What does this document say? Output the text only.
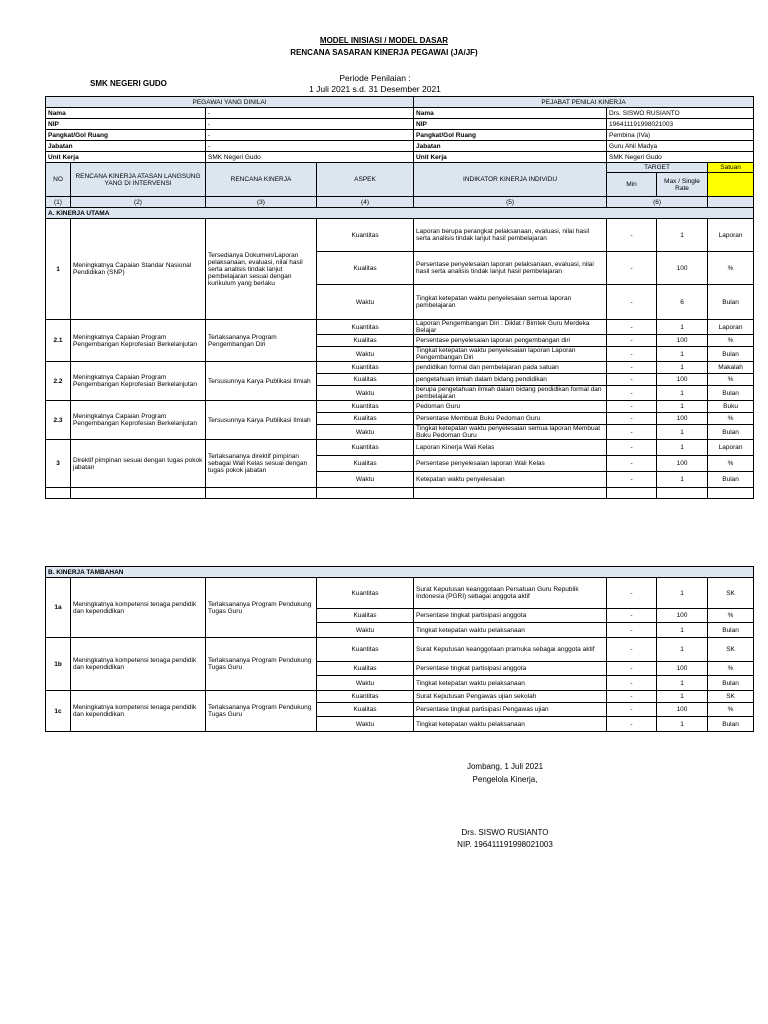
MODEL INISIASI / MODEL DASAR
RENCANA SASARAN KINERJA PEGAWAI (JA/JF)
SMK NEGERI GUDO
Periode Penilaian :
1 Juli 2021 s.d. 31 Desember 2021
PEGAWAI YANG DINILAI				PEJABAT PENILAI KINERJA			
Nama		-		Nama	Drs. SISWO RUSIANTO		
NIP		-		NIP	196411191998021003		
Pangkat/Gol Ruang		-		Pangkat/Gol Ruang	Pembina (IVa)		
Jabatan		-		Jabatan	Guru Ahli Madya		
Unit Kerja		SMK Negeri Gudo		Unit Kerja	SMK Negeri Gudo		
NO	RENCANA KINERJA ATASAN LANGSUNG YANG DI INTERVENSI	RENCANA KINERJA	ASPEK	INDIKATOR KINERJA INDIVIDU	TARGET		Satuan
					Min	Max / Single Rate	
(1)	(2)	(3)	(4)	(5)	(6)		
A. KINERJA UTAMA							
1	Meningkatnya Capaian Standar Nasional Pendidikan (SNP)	Tersedianya Dokumen/Laporan pelaksanaan, evaluasi, nilai hasil serta analisis tindak lanjut pembelajaran sesuai dengan kurikulum yang berlaku	Kuantitas	Laporan berupa perangkat pelaksanaan, evaluasi, nilai hasil serta analisis tindak lanjut hasil pembelajaran	-	1	Laporan
			Kualitas	Persentase penyelesaian laporan pelaksanaan, evaluasi, nilai hasil serta analisis tindak lanjut hasil pembelajaran	-	100	%
			Waktu	Tingkat ketepatan waktu penyelesaian semua laporan pembelajaran	-	6	Bulan
2.1	Meningkatnya Capaian Program Pengembangan Keprofesian Berkelanjutan	Terlaksananya Program Pengembangan Diri	Kuantitas	Laporan Pengembangan Diri : Diklat / Bimtek Guru Merdeka Belajar	-	1	Laporan
			Kualitas	Persentase penyelesaian laporan pengembangan diri	-	100	%
			Waktu	Tingkat ketepatan waktu penyelesaian laporan Laporan Pengembangan Diri	-	1	Bulan
2.2	Meningkatnya Capaian Program Pengembangan Keprofesian Berkelanjutan	Tersusunnya Karya Publikasi Ilmiah	Kuantitas	pendidikan formal dan pembelajaran pada satuan	-	1	Makalah
			Kualitas	pengetahuan ilmiah dalam bidang pendidikan	-	100	%
			Waktu	berupa pengetahuan ilmiah dalam bidang pendidikan formal dan pembelajaran	-	1	Bulan
2.3	Meningkatnya Capaian Program Pengembangan Keprofesian Berkelanjutan	Tersusunnya Karya Publikasi Ilmiah	Kuantitas	Pedoman Guru	-	1	Buku
			Kualitas	Persentase Membuat Buku Pedoman Guru	-	100	%
			Waktu	Tingkat ketepatan waktu penyelesaian semua laporan Membuat Buku Pedoman Guru	-	1	Bulan
3	Direktif pimpinan sesuai dengan tugas pokok jabatan	Terlaksananya direktif pimpinan sebagai Wali Kelas sesuai dengan tugas pokok jabatan	Kuantitas	Laporan Kinerja Wali Kelas	-	1	Laporan
			Kualitas	Persentase penyelesaian laporan Wali Kelas	-	100	%
			Waktu	Ketepatan waktu penyelesaian	-	1	Bulan

B. KINERJA TAMBAHAN							
1a	Meningkatnya kompetensi tenaga pendidik dan kependidikan	Terlaksananya Program Pendukung Tugas Guru	Kuantitas	Surat Keputusan keanggotaan Persatuan Guru Republik Indonesia (PGRI) sebagai anggota aktif	-	1	SK
			Kualitas	Persentase tingkat partisipasi anggota	-	100	%
			Waktu	Tingkat ketepatan waktu pelaksanaan	-	1	Bulan
1b	Meningkatnya kompetensi tenaga pendidik dan kependidikan	Terlaksananya Program Pendukung Tugas Guru	Kuantitas	Surat Keputusan keanggotaan pramuka sebagai anggota aktif	-	1	SK
			Kualitas	Persentase tingkat partisipasi anggota	-	100	%
			Waktu	Tingkat ketepatan waktu pelaksanaan	-	1	Bulan
1c	Meningkatnya kompetensi tenaga pendidik dan kependidikan	Terlaksananya Program Pendukung Tugas Guru	Kuantitas	Surat Keputusan Pengawas ujian sekolah	-	1	SK
			Kualitas	Persentase tingkat partisipasi Pengawas ujian	-	100	%
			Waktu	Tingkat ketepatan waktu pelaksanaan	-	1	Bulan
Jombang, 1 Juli 2021
Pengelola Kinerja,
Drs. SISWO RUSIANTO
NIP. 196411191998021003
